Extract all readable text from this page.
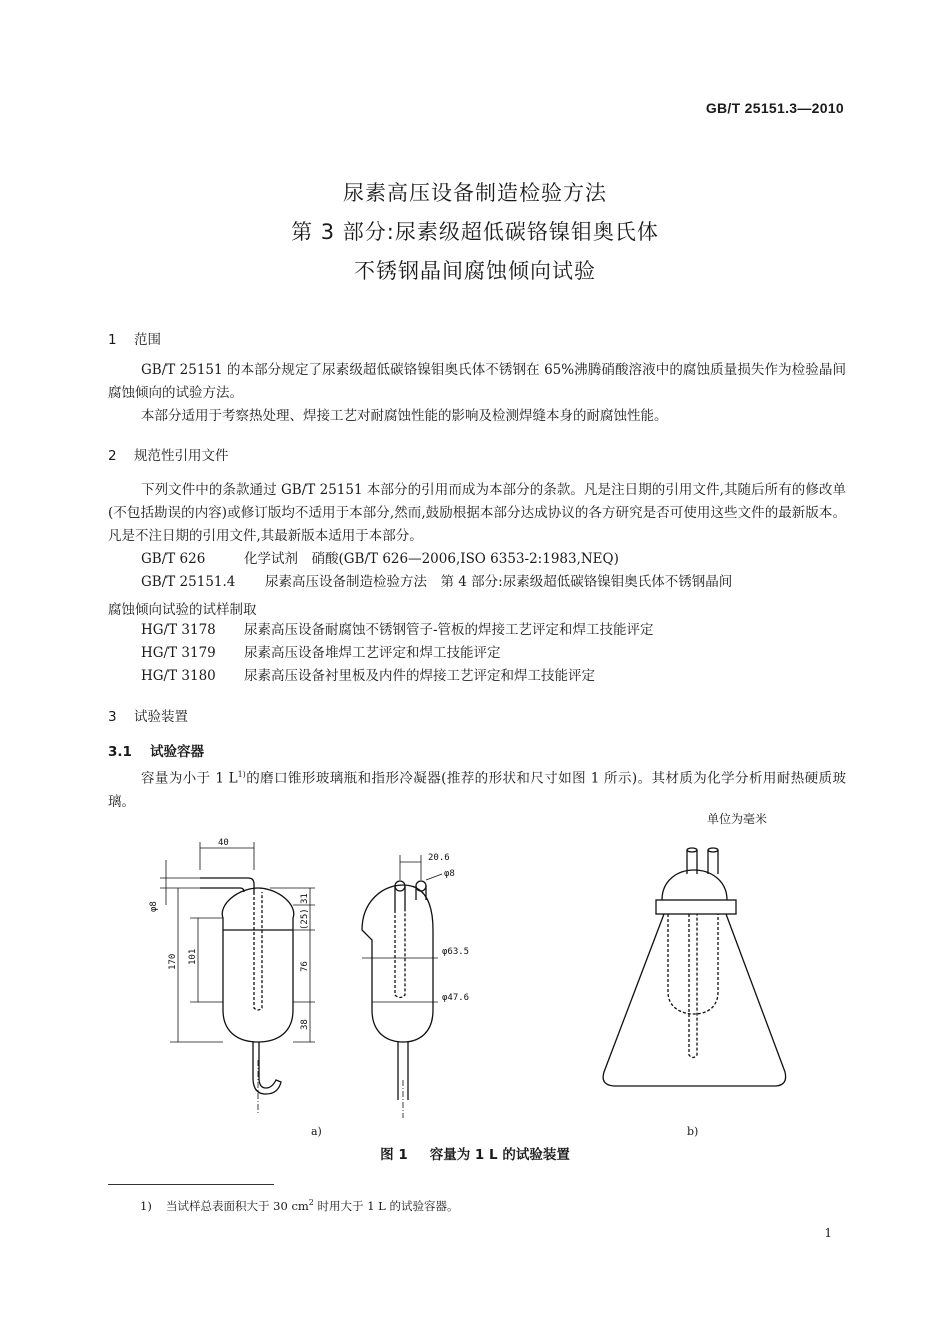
GB/T 25151.3—2010
尿素高压设备制造检验方法
第 3 部分:尿素级超低碳铬镍钼奥氏体
不锈钢晶间腐蚀倾向试验
1 范围
GB/T 25151 的本部分规定了尿素级超低碳铬镍钼奥氏体不锈钢在 65%沸腾硝酸溶液中的腐蚀质量损失作为检验晶间腐蚀倾向的试验方法。
本部分适用于考察热处理、焊接工艺对耐腐蚀性能的影响及检测焊缝本身的耐腐蚀性能。
2 规范性引用文件
下列文件中的条款通过 GB/T 25151 本部分的引用而成为本部分的条款。凡是注日期的引用文件,其随后所有的修改单(不包括勘误的内容)或修订版均不适用于本部分,然而,鼓励根据本部分达成协议的各方研究是否可使用这些文件的最新版本。凡是不注日期的引用文件,其最新版本适用于本部分。
GB/T 626	化学试剂　硝酸(GB/T 626—2006,ISO 6353-2:1983,NEQ)
GB/T 25151.4 尿素高压设备制造检验方法　第 4 部分:尿素级超低碳铬镍钼奥氏体不锈钢晶间
腐蚀倾向试验的试样制取
HG/T 3178 尿素高压设备耐腐蚀不锈钢管子-管板的焊接工艺评定和焊工技能评定
HG/T 3179 尿素高压设备堆焊工艺评定和焊工技能评定
HG/T 3180 尿素高压设备衬里板及内件的焊接工艺评定和焊工技能评定
3 试验装置
3.1 试验容器
容量为小于 1 $L^{1)}$的磨口锥形玻璃瓶和指形冷凝器(推荐的形状和尺寸如图 1 所示)。其材质为化学分析用耐热硬质玻璃。
单位为毫米
40
φ8
170 101
31
(25)
76
38
20.6
φ8
φ63.5
φ47.6
a)	b)
图 1 容量为 1 L 的试验装置
1) 当试样总表面积大于 30 $cm^2$ 时用大于 1 L 的试验容器。
1
